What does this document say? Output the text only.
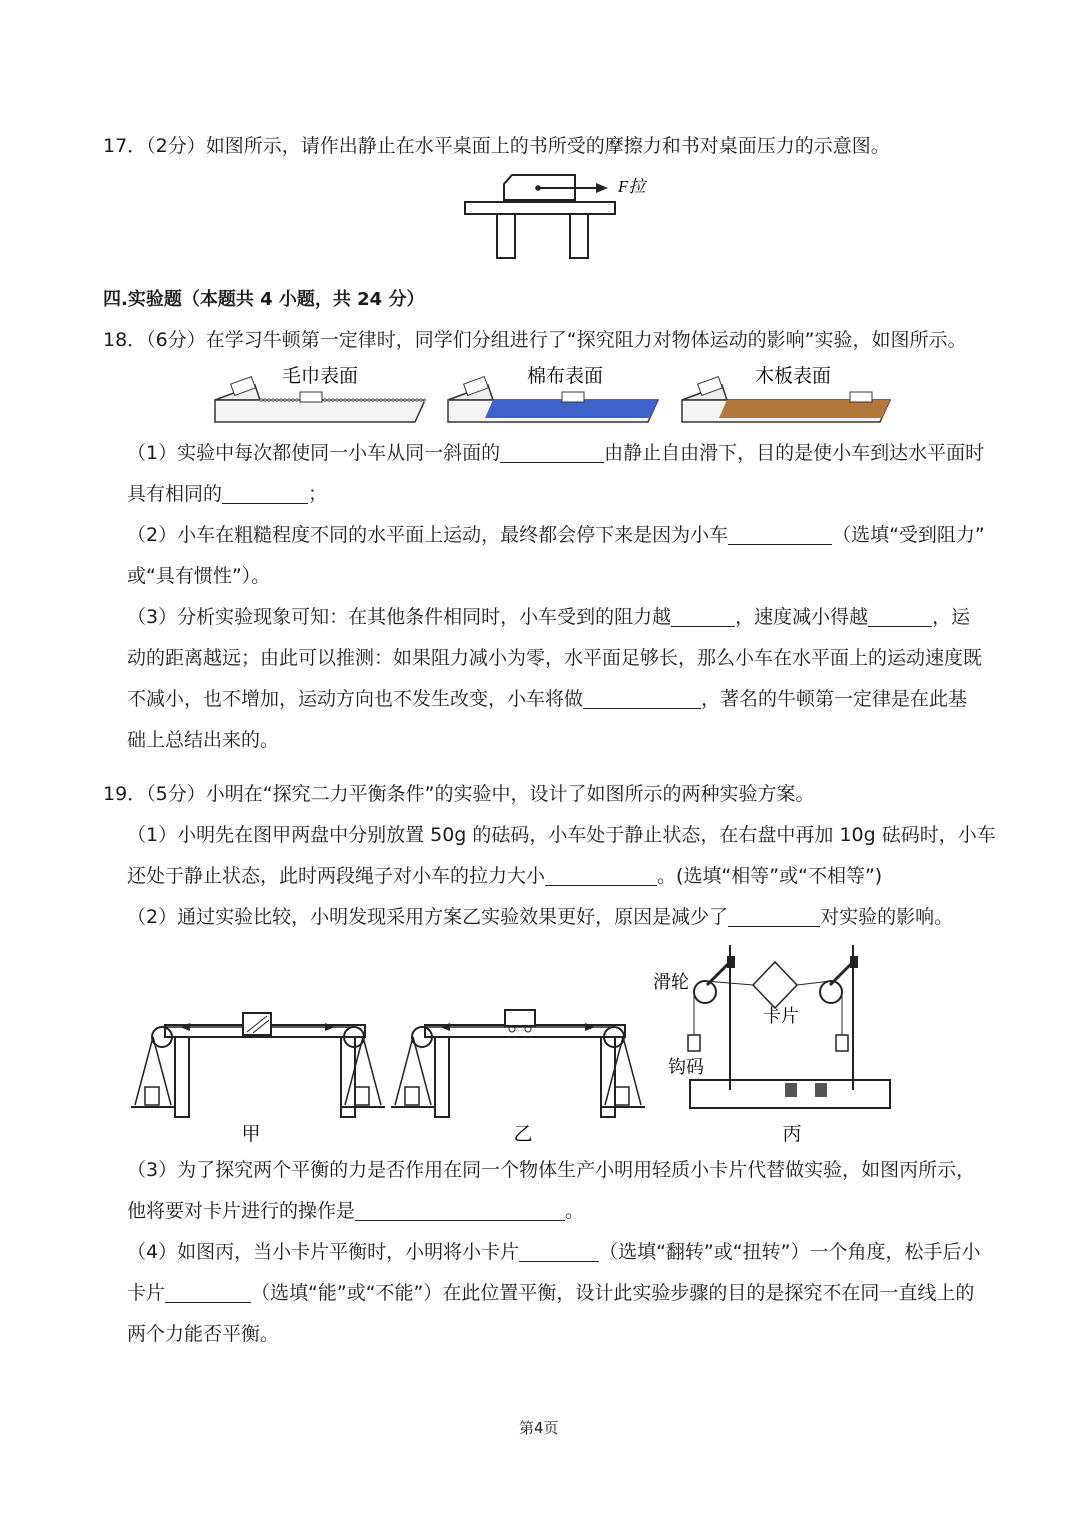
17．（2分）如图所示，请作出静止在水平桌面上的书所受的摩擦力和书对桌面压力的示意图。
F拉
四.实验题（本题共 4 小题，共 24 分）
18．（6分）在学习牛顿第一定律时，同学们分组进行了“探究阻力对物体运动的影响”实验，如图所示。
毛巾表面	棉布表面	木板表面
（1）实验中每次都使同一小车从同一斜面的	由静止自由滑下，目的是使小车到达水平面时
具有相同的	；
（2）小车在粗糙程度不同的水平面上运动，最终都会停下来是因为小车	（选填“受到阻力”
或“具有惯性”）。
（3）分析实验现象可知：在其他条件相同时，小车受到的阻力越	，速度减小得越	，运
动的距离越远；由此可以推测：如果阻力减小为零，水平面足够长，那么小车在水平面上的运动速度既
不减小，也不增加，运动方向也不发生改变，小车将做	，著名的牛顿第一定律是在此基
础上总结出来的。
19．（5分）小明在“探究二力平衡条件”的实验中，设计了如图所示的两种实验方案。
（1）小明先在图甲两盘中分别放置 50g 的砝码，小车处于静止状态，在右盘中再加 10g 砝码时，小车
还处于静止状态，此时两段绳子对小车的拉力大小	。(选填“相等”或“不相等”)
（2）通过实验比较，小明发现采用方案乙实验效果更好，原因是减少了	对实验的影响。
甲	乙
滑轮
卡片
钩码
丙
（3）为了探究两个平衡的力是否作用在同一个物体生产小明用轻质小卡片代替做实验，如图丙所示，
他将要对卡片进行的操作是	。
（4）如图丙，当小卡片平衡时，小明将小卡片	（选填“翻转”或“扭转”）一个角度，松手后小
卡片	（选填“能”或“不能”）在此位置平衡，设计此实验步骤的目的是探究不在同一直线上的
两个力能否平衡。
第4页
